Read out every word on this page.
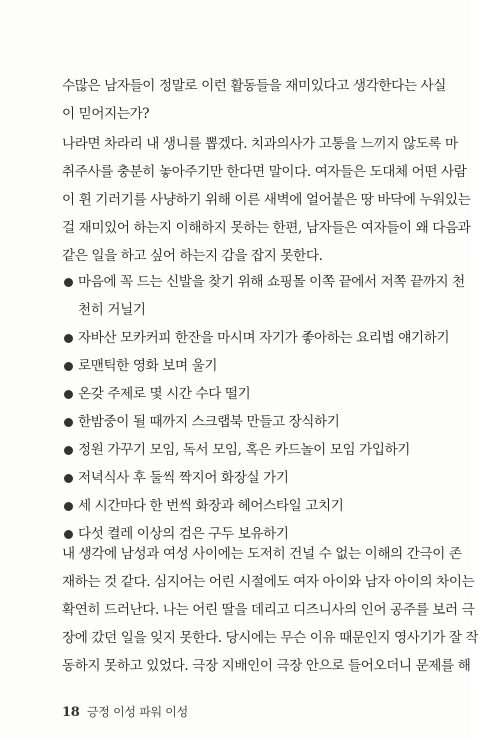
수많은 남자들이 정말로 이런 활동들을 재미있다고 생각한다는 사실
이 믿어지는가?

나라면 차라리 내 생니를 뽑겠다. 치과의사가 고통을 느끼지 않도록 마
취주사를 충분히 놓아주기만 한다면 말이다. 여자들은 도대체 어떤 사람
이 휜 기러기를 사냥하기 위해 이른 새벽에 얼어붙은 땅 바닥에 누워있는
걸 재미있어 하는지 이해하지 못하는 한편, 남자들은 여자들이 왜 다음과
같은 일을 하고 싶어 하는지 감을 잡지 못한다.

마음에 꼭 드는 신발을 찾기 위해 쇼핑몰 이쪽 끝에서 저쪽 끝까지 천
천히 거닐기
자바산 모카커피 한잔을 마시며 자기가 좋아하는 요리법 얘기하기
로맨틱한 영화 보며 울기
온갖 주제로 몇 시간 수다 떨기
한밤중이 될 때까지 스크랩북 만들고 장식하기
정원 가꾸기 모임, 독서 모임, 혹은 카드놀이 모임 가입하기
저녁식사 후 둘씩 짝지어 화장실 가기
세 시간마다 한 번씩 화장과 헤어스타일 고치기
다섯 켤레 이상의 검은 구두 보유하기

내 생각에 남성과 여성 사이에는 도저히 건널 수 없는 이해의 간극이 존
재하는 것 같다. 심지어는 어린 시절에도 여자 아이와 남자 아이의 차이는
확연히 드러난다. 나는 어린 딸을 데리고 디즈니사의 인어 공주를 보러 극
장에 갔던 일을 잊지 못한다. 당시에는 무슨 이유 때문인지 영사기가 잘 작
동하지 못하고 있었다. 극장 지배인이 극장 안으로 들어오더니 문제를 해

18 긍정 이성 파워 이성
